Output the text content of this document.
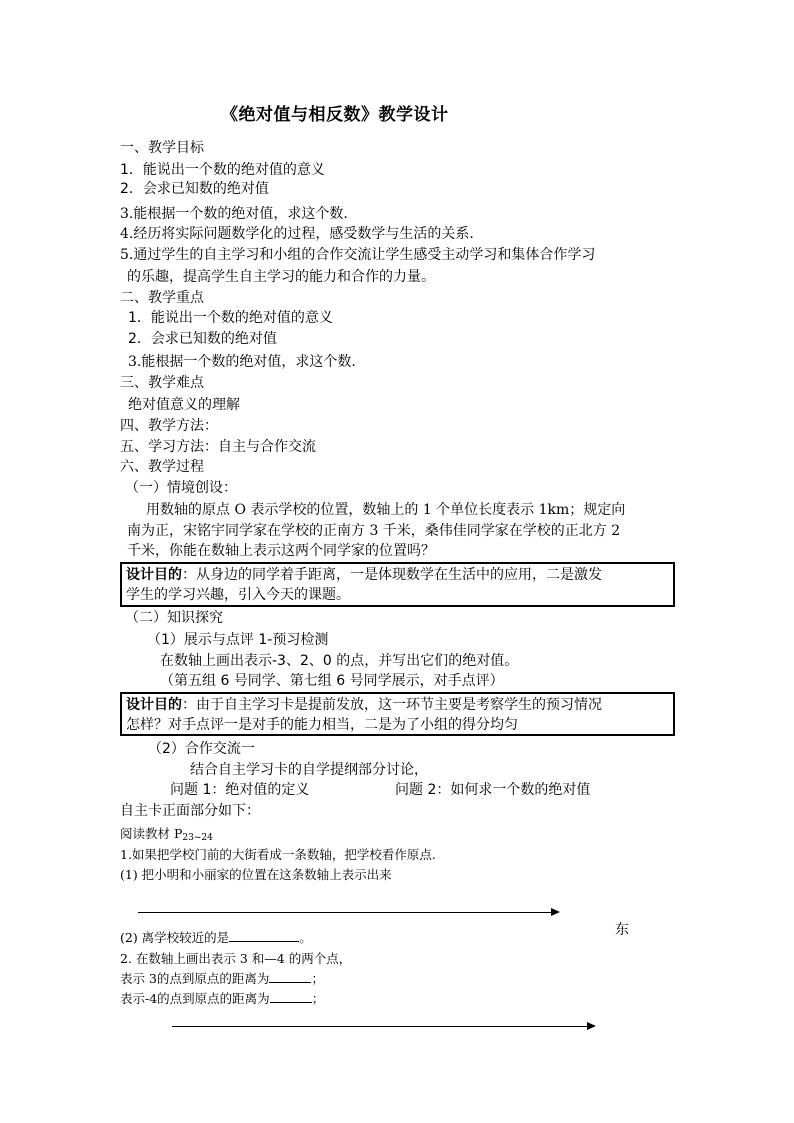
《绝对值与相反数》教学设计
一、教学目标
1．能说出一个数的绝对值的意义
2．会求已知数的绝对值
3.能根据一个数的绝对值，求这个数.
4.经历将实际问题数学化的过程，感受数学与生活的关系.
5.通过学生的自主学习和小组的合作交流让学生感受主动学习和集体合作学习
的乐趣，提高学生自主学习的能力和合作的力量。
二、教学重点
1．能说出一个数的绝对值的意义
2．会求已知数的绝对值
3.能根据一个数的绝对值，求这个数.
三、教学难点
绝对值意义的理解
四、教学方法：
五、学习方法：自主与合作交流
六、教学过程
（一）情境创设：
用数轴的原点 O 表示学校的位置，数轴上的 1 个单位长度表示 1km；规定向
南为正，宋铭宇同学家在学校的正南方 3 千米，桑伟佳同学家在学校的正北方 2
千米，你能在数轴上表示这两个同学家的位置吗？
设计目的：从身边的同学着手距离，一是体现数学在生活中的应用，二是激发
学生的学习兴趣，引入今天的课题。
（二）知识探究
（1）展示与点评 1-预习检测
在数轴上画出表示-3、2、0 的点，并写出它们的绝对值。
（第五组 6 号同学、第七组 6 号同学展示，对手点评）
设计目的：由于自主学习卡是提前发放，这一环节主要是考察学生的预习情况
怎样？对手点评一是对手的能力相当，二是为了小组的得分均匀
（2）合作交流一
结合自主学习卡的自学提纲部分讨论，
问题 1：绝对值的定义	问题 2：如何求一个数的绝对值
自主卡正面部分如下：
阅读教材 $P_{23\sim 24}$
1.如果把学校门前的大街看成一条数轴，把学校看作原点.
(1) 把小明和小丽家的位置在这条数轴上表示出来
东
(2) 离学校较近的是	。
2. 在数轴上画出表示 3 和—4 的两个点，
表示 3的点到原点的距离为	；
表示-4的点到原点的距离为	；
